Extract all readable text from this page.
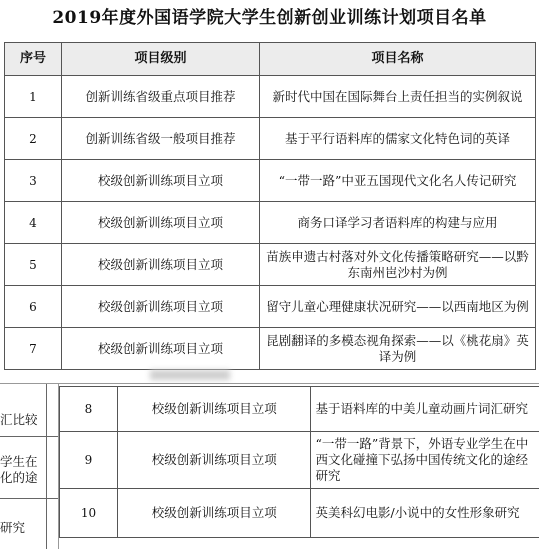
2019年度外国语学院大学生创新创业训练计划项目名单
序号	项目级别	项目名称
1	创新训练省级重点项目推荐	新时代中国在国际舞台上责任担当的实例叙说
2	创新训练省级一般项目推荐	基于平行语料库的儒家文化特色词的英译
3	校级创新训练项目立项	“一带一路”中亚五国现代文化名人传记研究
4	校级创新训练项目立项	商务口译学习者语料库的构建与应用
5	校级创新训练项目立项	苗族申遗古村落对外文化传播策略研究——以黔东南州岜沙村为例
6	校级创新训练项目立项	留守儿童心理健康状况研究——以西南地区为例
7	校级创新训练项目立项	昆剧翻译的多模态视角探索——以《桃花扇》英译为例
汇比较
学生在
化的途
研究
8	校级创新训练项目立项	基于语料库的中美儿童动画片词汇研究
9	校级创新训练项目立项	“一带一路”背景下，外语专业学生在中西文化碰撞下弘扬中国传统文化的途经研究
10	校级创新训练项目立项	英美科幻电影/小说中的女性形象研究
